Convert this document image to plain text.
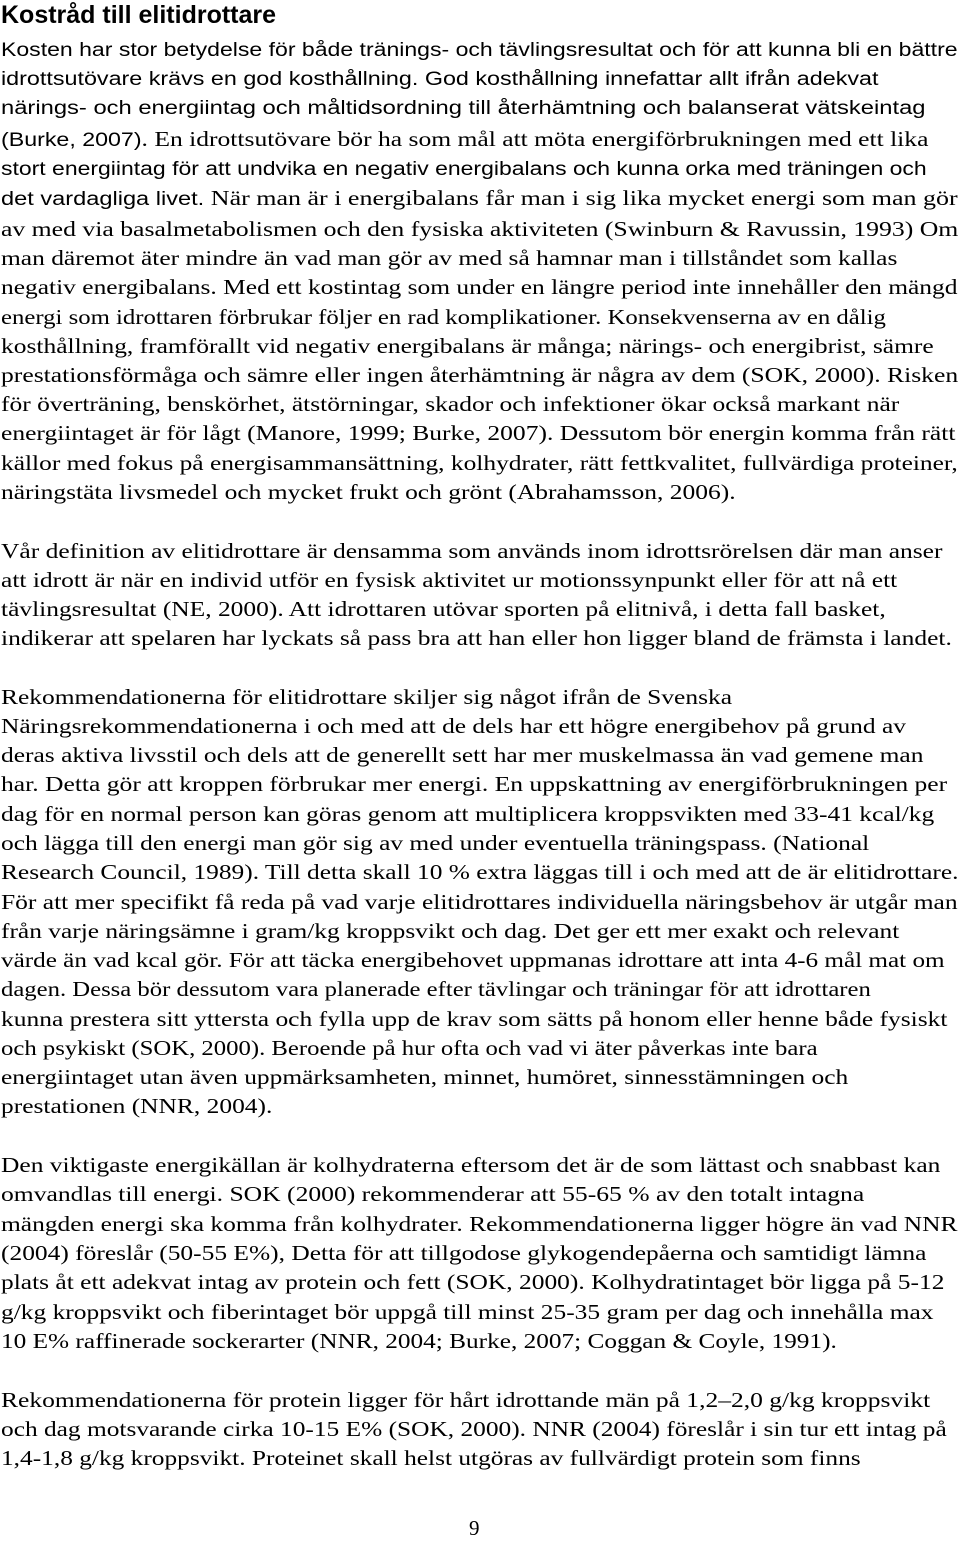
Kostråd till elitidrottare
Kosten har stor betydelse för både tränings- och tävlingsresultat och för att kunna bli en bättre
idrottsutövare krävs en god kosthållning. God kosthållning innefattar allt ifrån adekvat
närings- och energiintag och måltidsordning till återhämtning och balanserat vätskeintag
(Burke, 2007). En idrottsutövare bör ha som mål att möta energiförbrukningen med ett lika
stort energiintag för att undvika en negativ energibalans och kunna orka med träningen och
det vardagliga livet. När man är i energibalans får man i sig lika mycket energi som man gör
av med via basalmetabolismen och den fysiska aktiviteten (Swinburn & Ravussin, 1993) Om
man däremot äter mindre än vad man gör av med så hamnar man i tillståndet som kallas
negativ energibalans. Med ett kostintag som under en längre period inte innehåller den mängd
energi som idrottaren förbrukar följer en rad komplikationer. Konsekvenserna av en dålig
kosthållning, framförallt vid negativ energibalans är många; närings- och energibrist, sämre
prestationsförmåga och sämre eller ingen återhämtning är några av dem (SOK, 2000). Risken
för överträning, benskörhet, ätstörningar, skador och infektioner ökar också markant när
energiintaget är för lågt (Manore, 1999; Burke, 2007). Dessutom bör energin komma från rätt
källor med fokus på energisammansättning, kolhydrater, rätt fettkvalitet, fullvärdiga proteiner,
näringstäta livsmedel och mycket frukt och grönt (Abrahamsson, 2006).
Vår definition av elitidrottare är densamma som används inom idrottsrörelsen där man anser
att idrott är när en individ utför en fysisk aktivitet ur motionssynpunkt eller för att nå ett
tävlingsresultat (NE, 2000). Att idrottaren utövar sporten på elitnivå, i detta fall basket,
indikerar att spelaren har lyckats så pass bra att han eller hon ligger bland de främsta i landet.
Rekommendationerna för elitidrottare skiljer sig något ifrån de Svenska
Näringsrekommendationerna i och med att de dels har ett högre energibehov på grund av
deras aktiva livsstil och dels att de generellt sett har mer muskelmassa än vad gemene man
har. Detta gör att kroppen förbrukar mer energi. En uppskattning av energiförbrukningen per
dag för en normal person kan göras genom att multiplicera kroppsvikten med 33-41 kcal/kg
och lägga till den energi man gör sig av med under eventuella träningspass. (National
Research Council, 1989). Till detta skall 10 % extra läggas till i och med att de är elitidrottare.
För att mer specifikt få reda på vad varje elitidrottares individuella näringsbehov är utgår man
från varje näringsämne i gram/kg kroppsvikt och dag. Det ger ett mer exakt och relevant
värde än vad kcal gör. För att täcka energibehovet uppmanas idrottare att inta 4-6 mål mat om
dagen. Dessa bör dessutom vara planerade efter tävlingar och träningar för att idrottaren
kunna prestera sitt yttersta och fylla upp de krav som sätts på honom eller henne både fysiskt
och psykiskt (SOK, 2000). Beroende på hur ofta och vad vi äter påverkas inte bara
energiintaget utan även uppmärksamheten, minnet, humöret, sinnesstämningen och
prestationen (NNR, 2004).
Den viktigaste energikällan är kolhydraterna eftersom det är de som lättast och snabbast kan
omvandlas till energi. SOK (2000) rekommenderar att 55-65 % av den totalt intagna
mängden energi ska komma från kolhydrater. Rekommendationerna ligger högre än vad NNR
(2004) föreslår (50-55 E%), Detta för att tillgodose glykogendepåerna och samtidigt lämna
plats åt ett adekvat intag av protein och fett (SOK, 2000). Kolhydratintaget bör ligga på 5-12
g/kg kroppsvikt och fiberintaget bör uppgå till minst 25-35 gram per dag och innehålla max
10 E% raffinerade sockerarter (NNR, 2004; Burke, 2007; Coggan & Coyle, 1991).
Rekommendationerna för protein ligger för hårt idrottande män på 1,2–2,0 g/kg kroppsvikt
och dag motsvarande cirka 10-15 E% (SOK, 2000). NNR (2004) föreslår i sin tur ett intag på
1,4-1,8 g/kg kroppsvikt. Proteinet skall helst utgöras av fullvärdigt protein som finns
9
